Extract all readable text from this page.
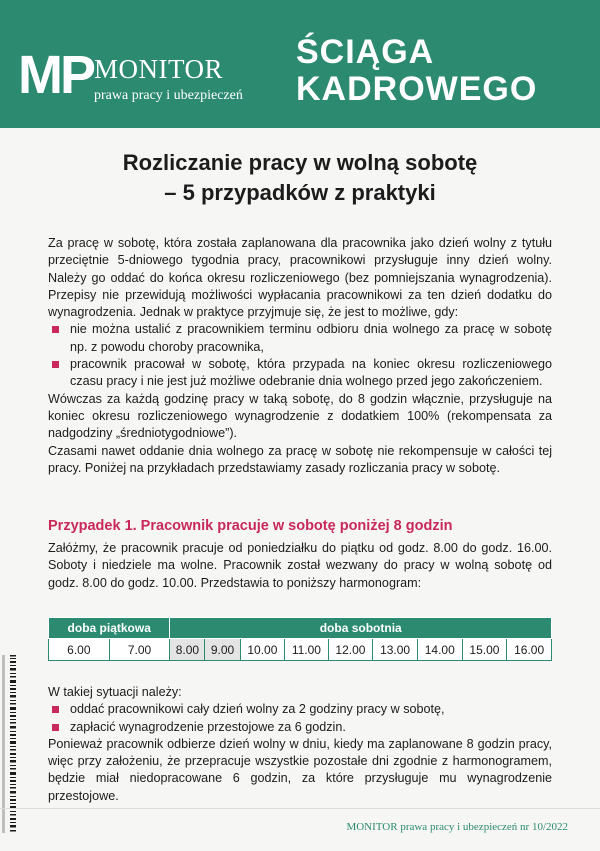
MP MONITOR
prawa pracy i ubezpieczeń
ŚCIĄGA
KADROWEGO
Rozliczanie pracy w wolną sobotę
– 5 przypadków z praktyki

Za pracę w sobotę, która została zaplanowana dla pracownika jako dzień wolny z tytułu przeciętnie 5-dniowego tygodnia pracy, pracownikowi przysługuje inny dzień wolny. Należy go oddać do końca okresu rozliczeniowego (bez pomniejszania wynagrodzenia). Przepisy nie przewidują możliwości wypłacania pracownikowi za ten dzień dodatku do wynagrodzenia. Jednak w praktyce przyjmuje się, że jest to możliwe, gdy:

nie można ustalić z pracownikiem terminu odbioru dnia wolnego za pracę w sobotę np. z powodu choroby pracownika,
pracownik pracował w sobotę, która przypada na koniec okresu rozliczeniowego czasu pracy i nie jest już możliwe odebranie dnia wolnego przed jego zakończeniem.

Wówczas za każdą godzinę pracy w taką sobotę, do 8 godzin włącznie, przysługuje na koniec okresu rozliczeniowego wynagrodzenie z dodatkiem 100% (rekompensata za nadgodziny „średniotygodniowe”).

Czasami nawet oddanie dnia wolnego za pracę w sobotę nie rekompensuje w całości tej pracy. Poniżej na przykładach przedstawiamy zasady rozliczania pracy w sobotę.

Przypadek 1. Pracownik pracuje w sobotę poniżej 8 godzin

Załóżmy, że pracownik pracuje od poniedziałku do piątku od godz. 8.00 do godz. 16.00. Soboty i niedziele ma wolne. Pracownik został wezwany do pracy w wolną sobotę od godz. 8.00 do godz. 10.00. Przedstawia to poniższy harmonogram:

doba piątkowa		doba sobotnia								
6.00	7.00	8.00	9.00	10.00	11.00	12.00	13.00	14.00	15.00	16.00

W takiej sytuacji należy:

oddać pracownikowi cały dzień wolny za 2 godziny pracy w sobotę,
zapłacić wynagrodzenie przestojowe za 6 godzin.

Ponieważ pracownik odbierze dzień wolny w dniu, kiedy ma zaplanowane 8 godzin pracy, więc przy założeniu, że przepracuje wszystkie pozostałe dni zgodnie z harmonogramem, będzie miał niedopracowane 6 godzin, za które przysługuje mu wynagrodzenie przestojowe.

MONITOR prawa pracy i ubezpieczeń nr 10/2022
